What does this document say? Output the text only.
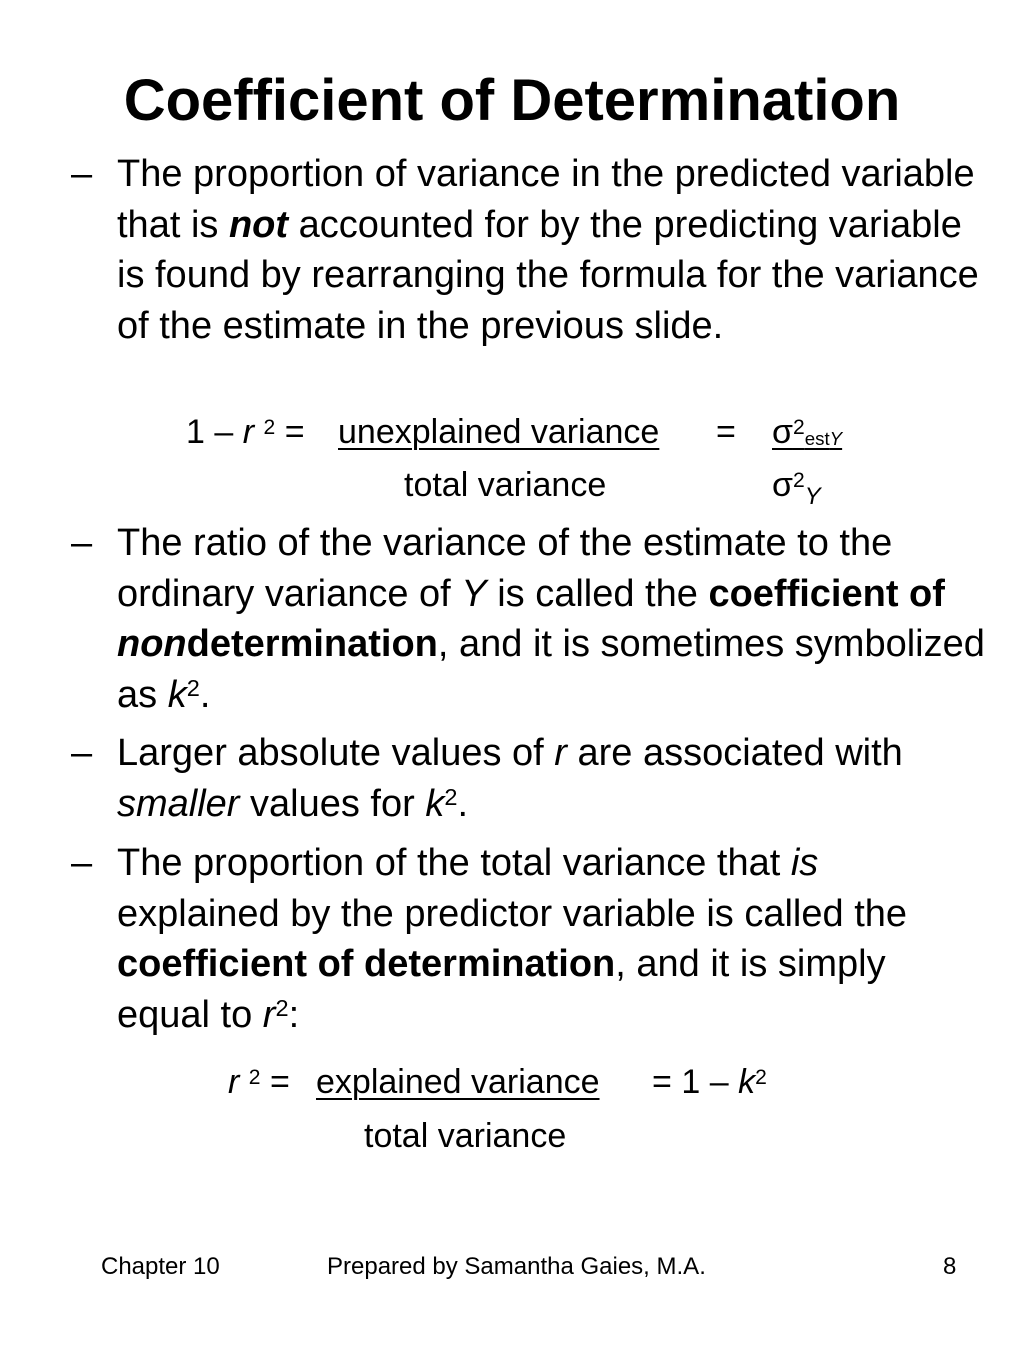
Coefficient of Determination
– The proportion of variance in the predicted variable that is not accounted for by the predicting variable is found by rearranging the formula for the variance of the estimate in the previous slide.
1 – r $^2$ = unexplained variance = $\sigma^2estY$
total variance	$\sigma^2_Y$
– The ratio of the variance of the estimate to the ordinary variance of Y is called the coefficient of nondetermination, and it is sometimes symbolized as $k^2$.
– Larger absolute values of r are associated with smaller values for $k^2$.
– The proportion of the total variance that is explained by the predictor variable is called the coefficient of determination, and it is simply equal to $r^2$:
r $^2$ = explained variance = $1 - k^2$
total variance
Chapter 10	Prepared by Samantha Gaies, M.A.	8
